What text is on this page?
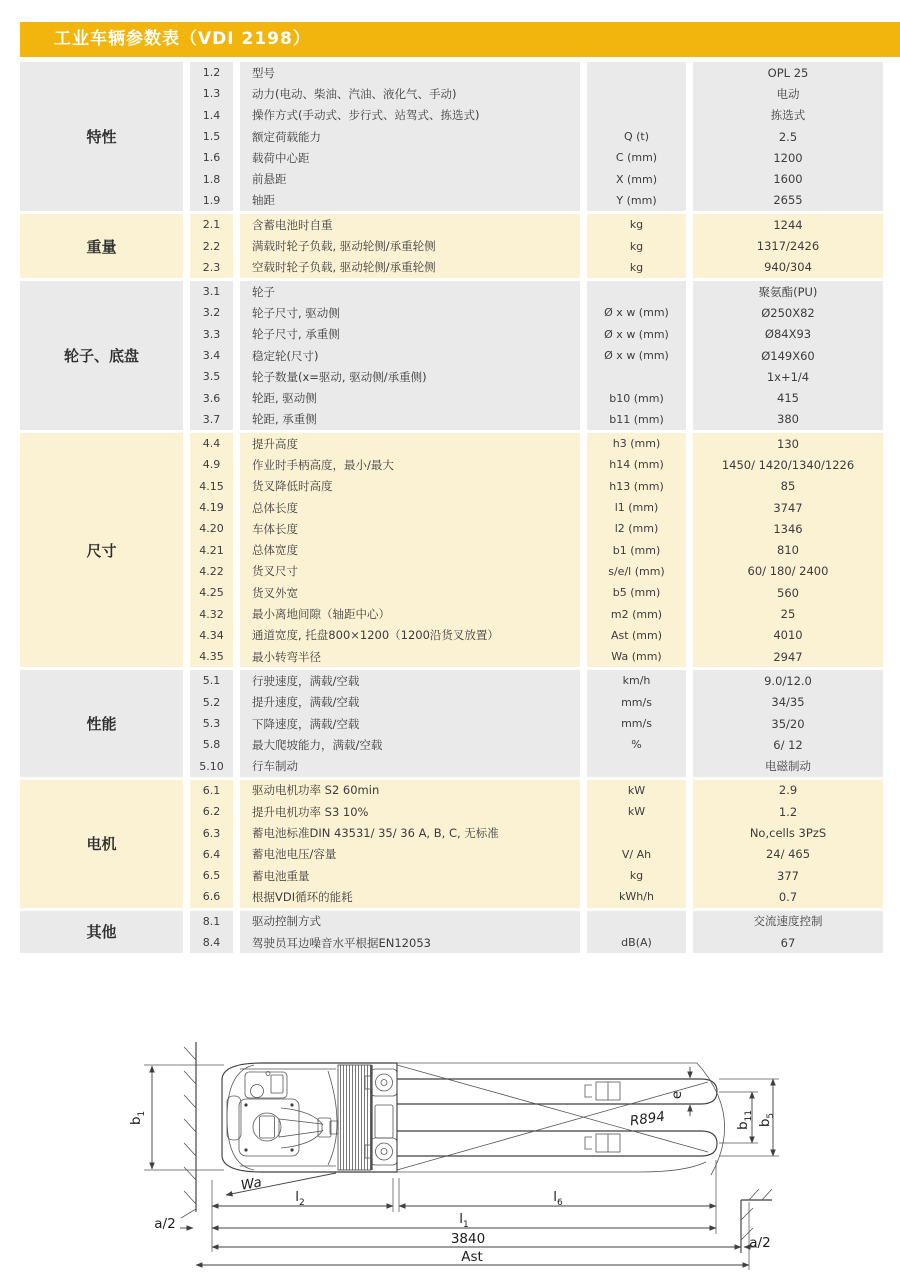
工业车辆参数表（VDI 2198）
特性
1.2	型号	OPL 25
1.3	动力(电动、柴油、汽油、液化气、手动)	电动
1.4	操作方式(手动式、步行式、站驾式、拣选式)	拣选式
1.5	额定荷载能力	Q (t)	2.5
1.6	载荷中心距	C (mm)	1200
1.8	前悬距	X (mm)	1600
1.9	轴距	Y (mm)	2655
重量
2.1	含蓄电池时自重	kg	1244
2.2	满载时轮子负载, 驱动轮侧/承重轮侧	kg	1317/2426
2.3	空载时轮子负载, 驱动轮侧/承重轮侧	kg	940/304
轮子、底盘
3.1	轮子	聚氨酯(PU)
3.2	轮子尺寸, 驱动侧	Ø x w (mm)	Ø250X82
3.3	轮子尺寸, 承重侧	Ø x w (mm)	Ø84X93
3.4	稳定轮(尺寸)	Ø x w (mm)	Ø149X60
3.5	轮子数量(x=驱动, 驱动侧/承重侧)	1x+1/4
3.6	轮距, 驱动侧	b10 (mm)	415
3.7	轮距, 承重侧	b11 (mm)	380
尺寸
4.4	提升高度	h3 (mm)	130
4.9	作业时手柄高度，最小/最大	h14 (mm)	1450/ 1420/1340/1226
4.15	货叉降低时高度	h13 (mm)	85
4.19	总体长度	l1 (mm)	3747
4.20	车体长度	l2 (mm)	1346
4.21	总体宽度	b1 (mm)	810
4.22	货叉尺寸	s/e/l (mm)	60/ 180/ 2400
4.25	货叉外宽	b5 (mm)	560
4.32	最小离地间隙（轴距中心）	m2 (mm)	25
4.34	通道宽度, 托盘800×1200（1200沿货叉放置）	Ast (mm)	4010
4.35	最小转弯半径	Wa (mm)	2947
性能
5.1	行驶速度，满载/空载	km/h	9.0/12.0
5.2	提升速度，满载/空载	mm/s	34/35
5.3	下降速度，满载/空载	mm/s	35/20
5.8	最大爬坡能力，满载/空载	%	6/ 12
5.10	行车制动	电磁制动
电机
6.1	驱动电机功率 S2 60min	kW	2.9
6.2	提升电机功率 S3 10%	kW	1.2
6.3	蓄电池标准DIN 43531/ 35/ 36 A, B, C, 无标准	No,cells 3PzS
6.4	蓄电池电压/容量	V/ Ah	24/ 465
6.5	蓄电池重量	kg	377
6.6	根据VDI循环的能耗	kWh/h	0.7
其他
8.1	驱动控制方式	交流速度控制
8.4	驾驶员耳边噪音水平根据EN12053	dB(A)	67
$b_1$
Wa
$l_2$	$l_6$
$l_1$
3840
Ast
a/2
a/2
e
R894	$b_{11}$
$b_5$
